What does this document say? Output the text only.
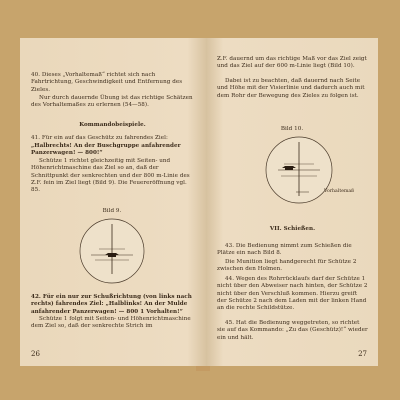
40. Dieses „Vorhaltemaß“ richtet sich nach Fahrtrichtung, Geschwindigkeit und Entfernung des Zieles.
Nur durch dauernde Übung ist das richtige Schätzen des Vorhaltemaßes zu erlernen (54—58).
Kommandobeispiele.
41. Für ein auf das Geschütz zu fahrendes Ziel:
„Halbrechts! An der Buschgruppe anfahrender Panzerwagen! — 800!“
Schütze 1 richtet gleichzeitig mit Seiten- und Höhenrichtmaschine das Ziel so an, daß der Schnittpunkt der senkrechten und der 800 m-Linie des Z.F. fein im Ziel liegt (Bild 9). Die Feuereröffnung vgl. 85.
Bild 9.
42. Für ein nur zur Schußrichtung (von links nach rechts) fahrendes Ziel: „Halblinks! An der Mulde anfahrender Panzerwagen! — 800 1 Vorhalten!“
Schütze 1 folgt mit Seiten- und Höhenrichtmaschine dem Ziel so, daß der senkrechte Strich im
26
Z.F. dauernd um das richtige Maß vor das Ziel zeigt und das Ziel auf der 600 m-Linie liegt (Bild 10).
Dabei ist zu beachten, daß dauernd nach Seite und Höhe mit der Visierlinie und dadurch auch mit dem Rohr der Bewegung des Zieles zu folgen ist.
Bild 10.
Vorhaltemaß
VII. Schießen.
43. Die Bedienung nimmt zum Schießen die Plätze ein nach Bild 8.
Die Munition liegt handgerecht für Schütze 2 zwischen den Holmen.
44. Wegen des Rohrrücklaufs darf der Schütze 1 nicht über den Abweiser nach hinten, der Schütze 2 nicht über den Verschluß kommen. Hierzu greift der Schütze 2 nach dem Laden mit der linken Hand an die rechte Schildstütze.
45. Hat die Bedienung weggetreten, so richtet sie auf das Kommando: „Zu das (Geschütz)!“ wieder ein und hält.
27
